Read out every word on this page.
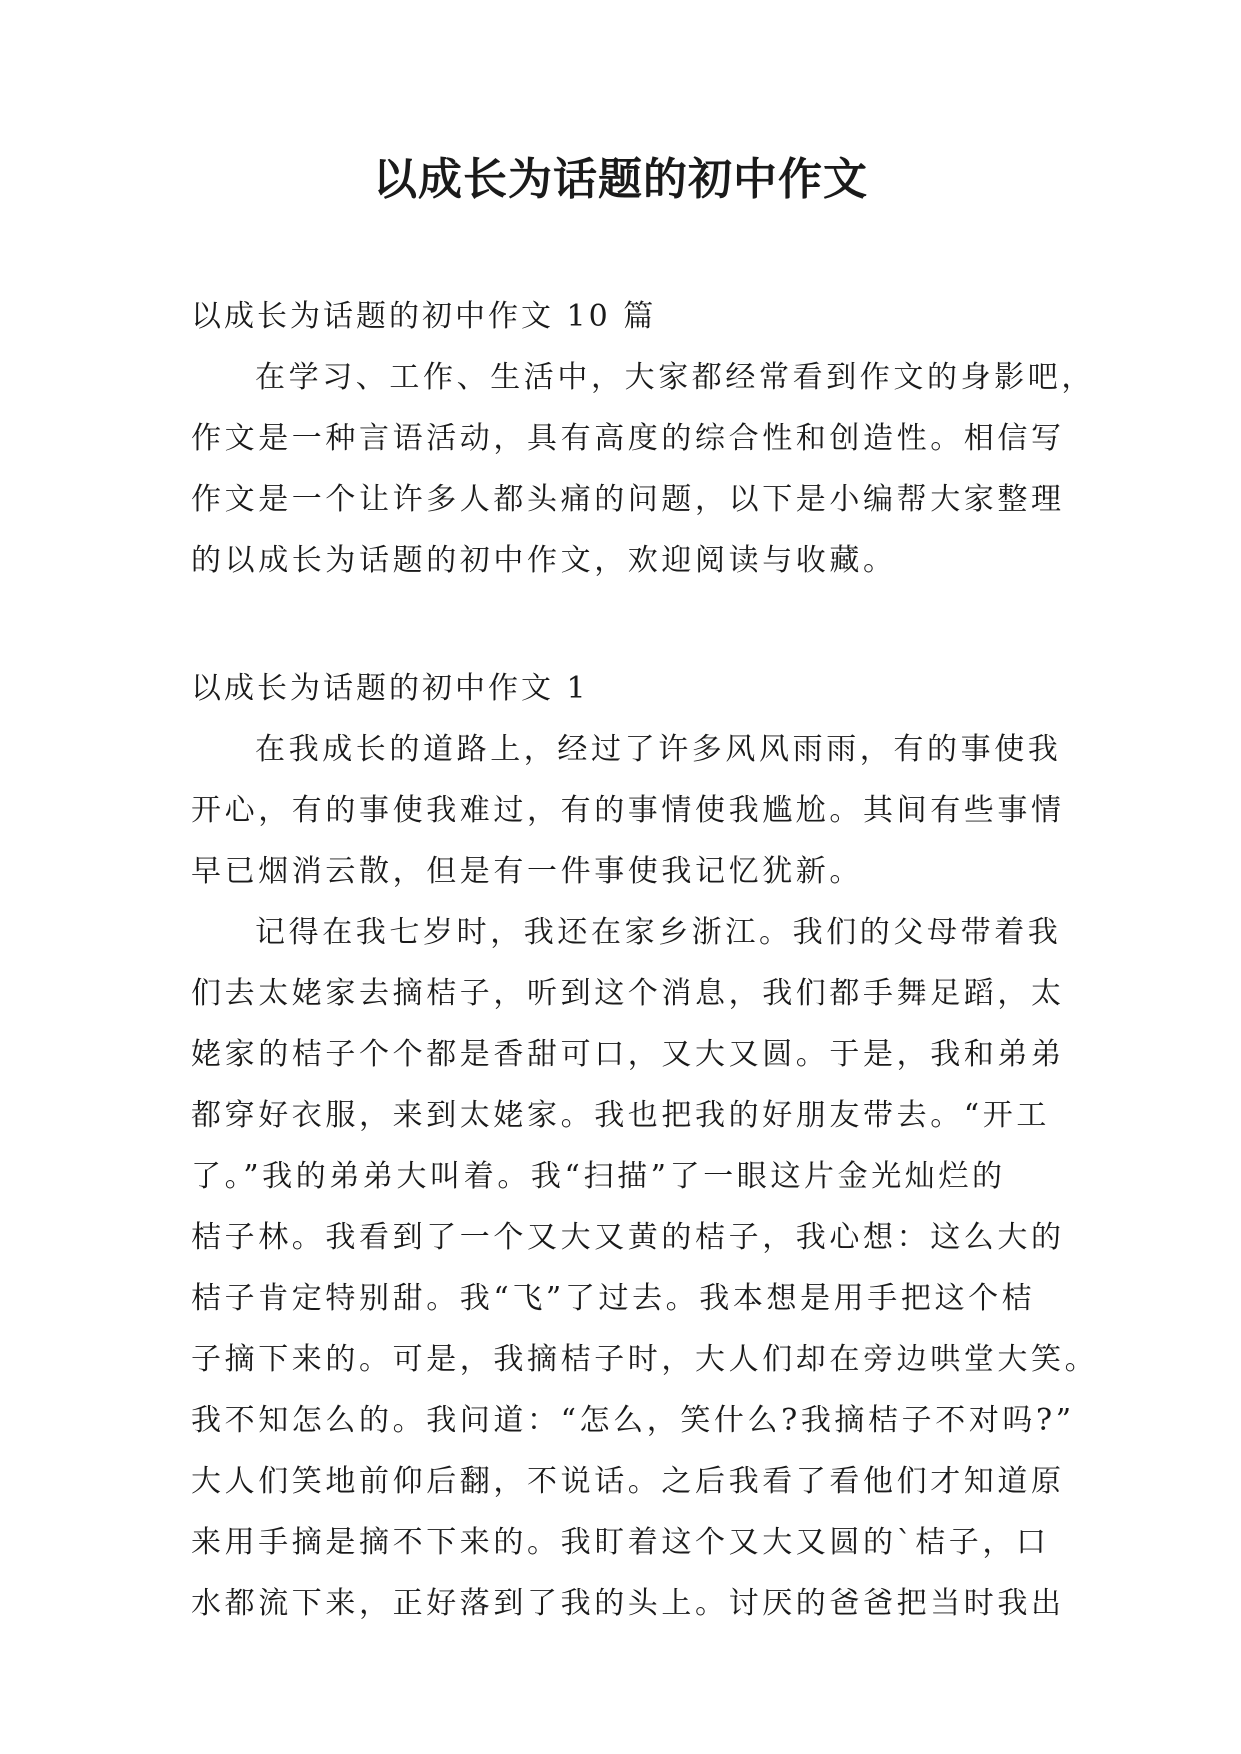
以成长为话题的初中作文
以成长为话题的初中作文 10 篇
在学习、工作、生活中，大家都经常看到作文的身影吧，
作文是一种言语活动，具有高度的综合性和创造性。相信写
作文是一个让许多人都头痛的问题，以下是小编帮大家整理
的以成长为话题的初中作文，欢迎阅读与收藏。
以成长为话题的初中作文 1
在我成长的道路上，经过了许多风风雨雨，有的事使我
开心，有的事使我难过，有的事情使我尴尬。其间有些事情
早已烟消云散，但是有一件事使我记忆犹新。
记得在我七岁时，我还在家乡浙江。我们的父母带着我
们去太姥家去摘桔子，听到这个消息，我们都手舞足蹈，太
姥家的桔子个个都是香甜可口，又大又圆。于是，我和弟弟
都穿好衣服，来到太姥家。我也把我的好朋友带去。“开工
了。”我的弟弟大叫着。我“扫描”了一眼这片金光灿烂的
桔子林。我看到了一个又大又黄的桔子，我心想：这么大的
桔子肯定特别甜。我“飞”了过去。我本想是用手把这个桔
子摘下来的。可是，我摘桔子时，大人们却在旁边哄堂大笑。
我不知怎么的。我问道：“怎么，笑什么?我摘桔子不对吗?”
大人们笑地前仰后翻，不说话。之后我看了看他们才知道原
来用手摘是摘不下来的。我盯着这个又大又圆的`桔子，口
水都流下来，正好落到了我的头上。讨厌的爸爸把当时我出
